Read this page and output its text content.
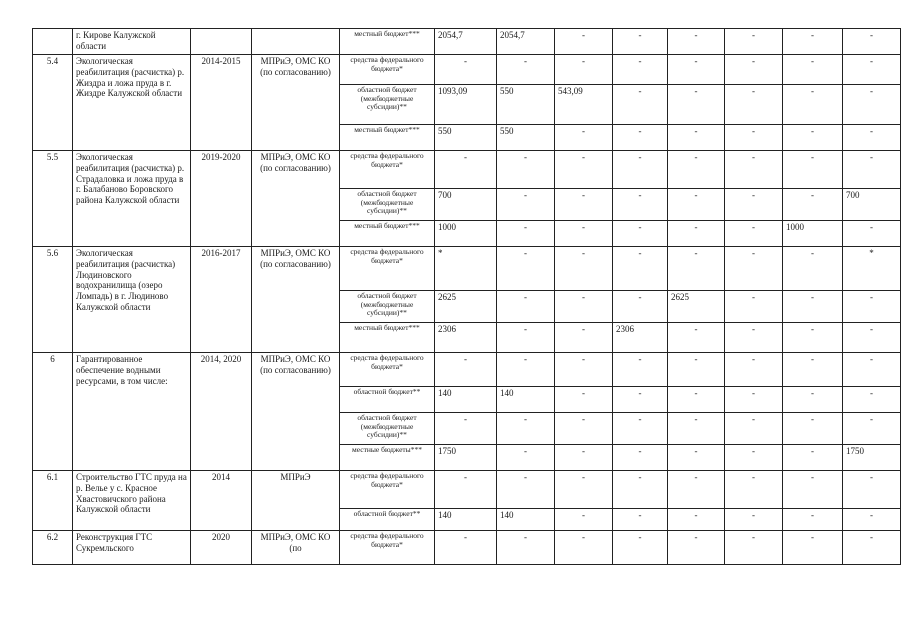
	г. Кирове Калужской области			местный бюджет***	2054,7	2054,7	-	-	-	-	-	-
5.4	Экологическая реабилитация (расчистка) р. Жиздра и ложа пруда в г. Жиздре Калужской области	2014-2015	МПРиЭ, ОМС КО (по согласованию)	средства федерального бюджета*	-	-	-	-	-	-	-	-
				областной бюджет (межбюджетные субсидии)**	1093,09	550	543,09	-	-	-	-	-
				местный бюджет***	550	550	-	-	-	-	-	-
5.5	Экологическая реабилитация (расчистка) р. Страдаловка и ложа пруда в г. Балабаново Боровского района Калужской области	2019-2020	МПРиЭ, ОМС КО (по согласованию)	средства федерального бюджета*	-	-	-	-	-	-	-	-
				областной бюджет (межбюджетные субсидии)**	700	-	-	-	-	-	-	700
				местный бюджет***	1000	-	-	-	-	-	1000	-
5.6	Экологическая реабилитация (расчистка) Людиновского водохранилища (озеро Ломпадь) в г. Людиново Калужской области	2016-2017	МПРиЭ, ОМС КО (по согласованию)	средства федерального бюджета*	*	-	-	-	-	-	-	*
				областной бюджет (межбюджетные субсидии)**	2625	-	-	-	2625	-	-	-
				местный бюджет***	2306	-	-	2306	-	-	-	-
6	Гарантированное обеспечение водными ресурсами, в том числе:	2014, 2020	МПРиЭ, ОМС КО (по согласованию)	средства федерального бюджета*	-	-	-	-	-	-	-	-
				областной бюджет**	140	140	-	-	-	-	-	-
				областной бюджет (межбюджетные субсидии)**	-	-	-	-	-	-	-	-
				местные бюджеты***	1750	-	-	-	-	-	-	1750
6.1	Строительство ГТС пруда на р. Велье у с. Красное Хвастовичского района Калужской области	2014	МПРиЭ	средства федерального бюджета*	-	-	-	-	-	-	-	-
				областной бюджет**	140	140	-	-	-	-	-	-
6.2	Реконструкция ГТС Сукремльского	2020	МПРиЭ, ОМС КО (по	средства федерального бюджета*	-	-	-	-	-	-	-	-
